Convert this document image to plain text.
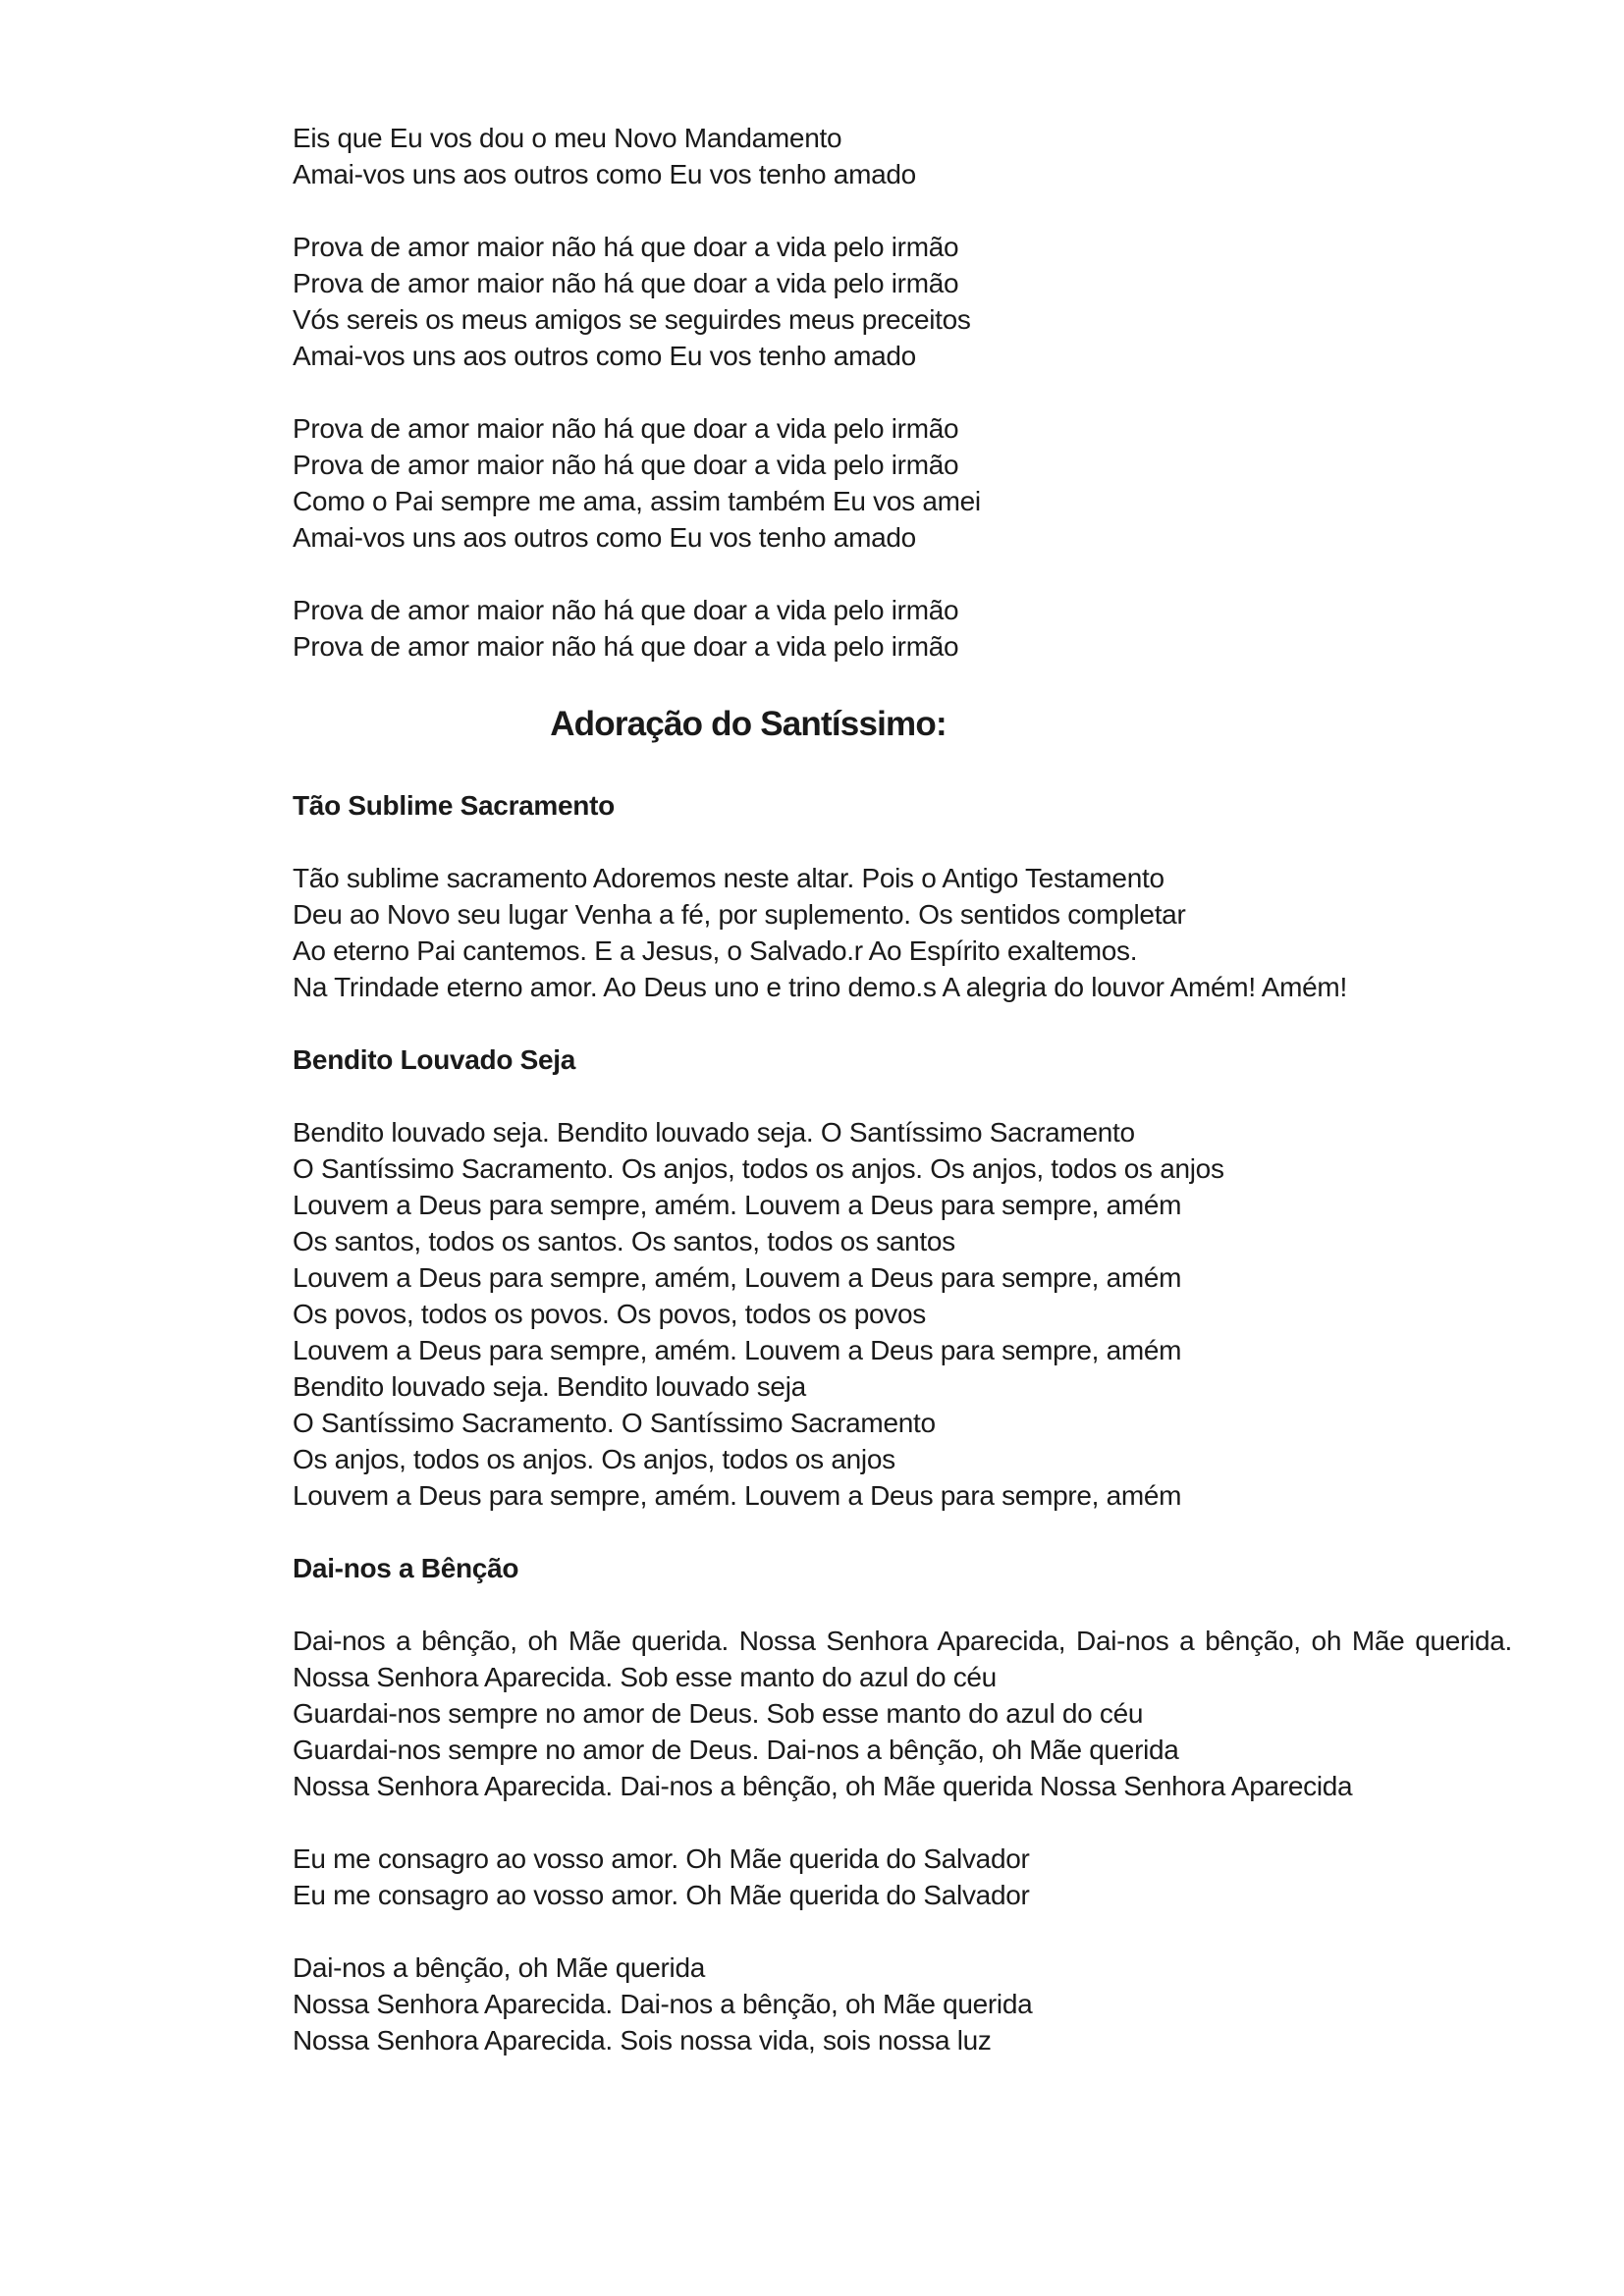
Eis que Eu vos dou o meu Novo Mandamento
Amai-vos uns aos outros como Eu vos tenho amado
Prova de amor maior não há que doar a vida pelo irmão
Prova de amor maior não há que doar a vida pelo irmão
Vós sereis os meus amigos se seguirdes meus preceitos
Amai-vos uns aos outros como Eu vos tenho amado
Prova de amor maior não há que doar a vida pelo irmão
Prova de amor maior não há que doar a vida pelo irmão
Como o Pai sempre me ama, assim também Eu vos amei
Amai-vos uns aos outros como Eu vos tenho amado
Prova de amor maior não há que doar a vida pelo irmão
Prova de amor maior não há que doar a vida pelo irmão
Adoração do Santíssimo:
Tão Sublime Sacramento
Tão sublime sacramento Adoremos neste altar. Pois o Antigo Testamento
Deu ao Novo seu lugar Venha a fé, por suplemento. Os sentidos completar
Ao eterno Pai cantemos. E a Jesus, o Salvado.r Ao Espírito exaltemos.
Na Trindade eterno amor. Ao Deus uno e trino demo.s A alegria do louvor Amém! Amém!
Bendito Louvado Seja
Bendito louvado seja. Bendito louvado seja. O Santíssimo Sacramento
O Santíssimo Sacramento. Os anjos, todos os anjos. Os anjos, todos os anjos
Louvem a Deus para sempre, amém. Louvem a Deus para sempre, amém
Os santos, todos os santos. Os santos, todos os santos
Louvem a Deus para sempre, amém, Louvem a Deus para sempre, amém
Os povos, todos os povos. Os povos, todos os povos
Louvem a Deus para sempre, amém. Louvem a Deus para sempre, amém
Bendito louvado seja. Bendito louvado seja
O Santíssimo Sacramento. O Santíssimo Sacramento
Os anjos, todos os anjos. Os anjos, todos os anjos
Louvem a Deus para sempre, amém. Louvem a Deus para sempre, amém
Dai-nos a Bênção
Dai-nos a bênção, oh Mãe querida. Nossa Senhora Aparecida, Dai-nos a bênção, oh Mãe querida.
Nossa Senhora Aparecida. Sob esse manto do azul do céu
Guardai-nos sempre no amor de Deus. Sob esse manto do azul do céu
Guardai-nos sempre no amor de Deus. Dai-nos a bênção, oh Mãe querida
Nossa Senhora Aparecida. Dai-nos a bênção, oh Mãe querida Nossa Senhora Aparecida
Eu me consagro ao vosso amor. Oh Mãe querida do Salvador
Eu me consagro ao vosso amor. Oh Mãe querida do Salvador
Dai-nos a bênção, oh Mãe querida
Nossa Senhora Aparecida. Dai-nos a bênção, oh Mãe querida
Nossa Senhora Aparecida. Sois nossa vida, sois nossa luz
